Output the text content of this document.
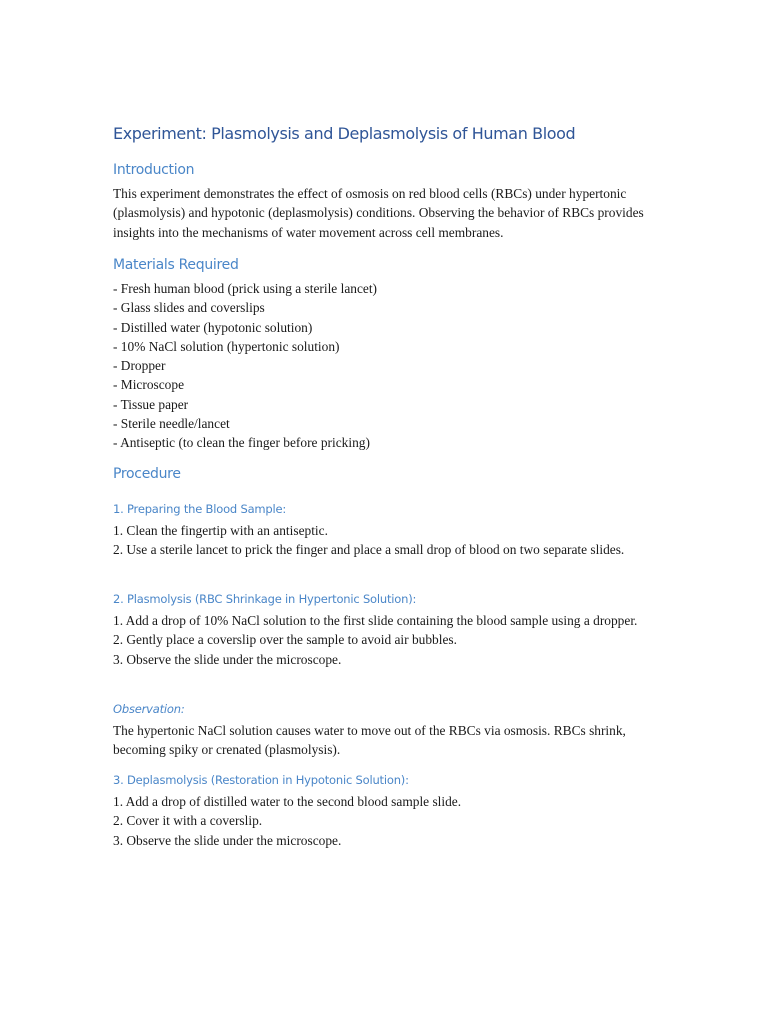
Experiment: Plasmolysis and Deplasmolysis of Human Blood
Introduction

This experiment demonstrates the effect of osmosis on red blood cells (RBCs) under hypertonic (plasmolysis) and hypotonic (deplasmolysis) conditions. Observing the behavior of RBCs provides insights into the mechanisms of water movement across cell membranes.

Materials Required
- Fresh human blood (prick using a sterile lancet)
- Glass slides and coverslips
- Distilled water (hypotonic solution)
- 10% NaCl solution (hypertonic solution)
- Dropper
- Microscope
- Tissue paper
- Sterile needle/lancet
- Antiseptic (to clean the finger before pricking)
Procedure
1. Preparing the Blood Sample:
1. Clean the fingertip with an antiseptic.
2. Use a sterile lancet to prick the finger and place a small drop of blood on two separate slides.
2. Plasmolysis (RBC Shrinkage in Hypertonic Solution):
1. Add a drop of 10% NaCl solution to the first slide containing the blood sample using a dropper.
2. Gently place a coverslip over the sample to avoid air bubbles.
3. Observe the slide under the microscope.
Observation:

The hypertonic NaCl solution causes water to move out of the RBCs via osmosis. RBCs shrink, becoming spiky or crenated (plasmolysis).

3. Deplasmolysis (Restoration in Hypotonic Solution):
1. Add a drop of distilled water to the second blood sample slide.
2. Cover it with a coverslip.
3. Observe the slide under the microscope.
